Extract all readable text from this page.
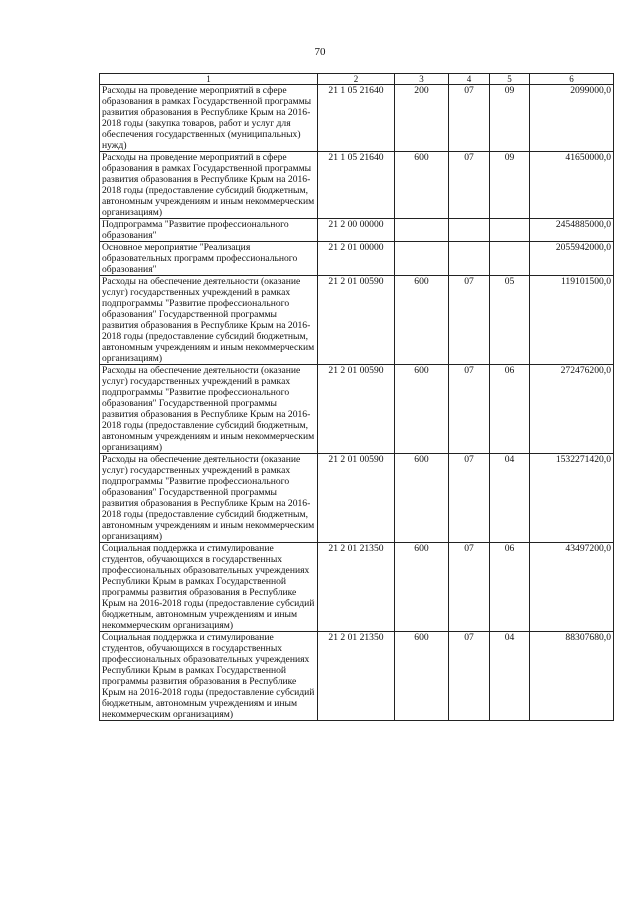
70
1	2	3	4	5	6
Расходы на проведение мероприятий в сфере образования в рамках Государственной программы развития образования в Республике Крым на 2016-2018 годы (закупка товаров, работ и услуг для обеспечения государственных (муниципальных) нужд)	21 1 05 21640	200	07	09	2099000,0
Расходы на проведение мероприятий в сфере образования в рамках Государственной программы развития образования в Республике Крым на 2016-2018 годы (предоставление субсидий бюджетным, автономным учреждениям и иным некоммерческим организациям)	21 1 05 21640	600	07	09	41650000,0
Подпрограмма "Развитие профессионального образования"	21 2 00 00000				2454885000,0
Основное мероприятие "Реализация образовательных программ профессионального образования"	21 2 01 00000				2055942000,0
Расходы на обеспечение деятельности (оказание услуг) государственных учреждений в рамках подпрограммы "Развитие профессионального образования" Государственной программы развития образования в Республике Крым на 2016-2018 годы (предоставление субсидий бюджетным, автономным учреждениям и иным некоммерческим организациям)	21 2 01 00590	600	07	05	119101500,0
Расходы на обеспечение деятельности (оказание услуг) государственных учреждений в рамках подпрограммы "Развитие профессионального образования" Государственной программы развития образования в Республике Крым на 2016-2018 годы (предоставление субсидий бюджетным, автономным учреждениям и иным некоммерческим организациям)	21 2 01 00590	600	07	06	272476200,0
Расходы на обеспечение деятельности (оказание услуг) государственных учреждений в рамках подпрограммы "Развитие профессионального образования" Государственной программы развития образования в Республике Крым на 2016-2018 годы (предоставление субсидий бюджетным, автономным учреждениям и иным некоммерческим организациям)	21 2 01 00590	600	07	04	1532271420,0
Социальная поддержка и стимулирование студентов, обучающихся в государственных профессиональных образовательных учреждениях Республики Крым в рамках Государственной программы развития образования в Республике Крым на 2016-2018 годы (предоставление субсидий бюджетным, автономным учреждениям и иным некоммерческим организациям)	21 2 01 21350	600	07	06	43497200,0
Социальная поддержка и стимулирование студентов, обучающихся в государственных профессиональных образовательных учреждениях Республики Крым в рамках Государственной программы развития образования в Республике Крым на 2016-2018 годы (предоставление субсидий бюджетным, автономным учреждениям и иным некоммерческим организациям)	21 2 01 21350	600	07	04	88307680,0
